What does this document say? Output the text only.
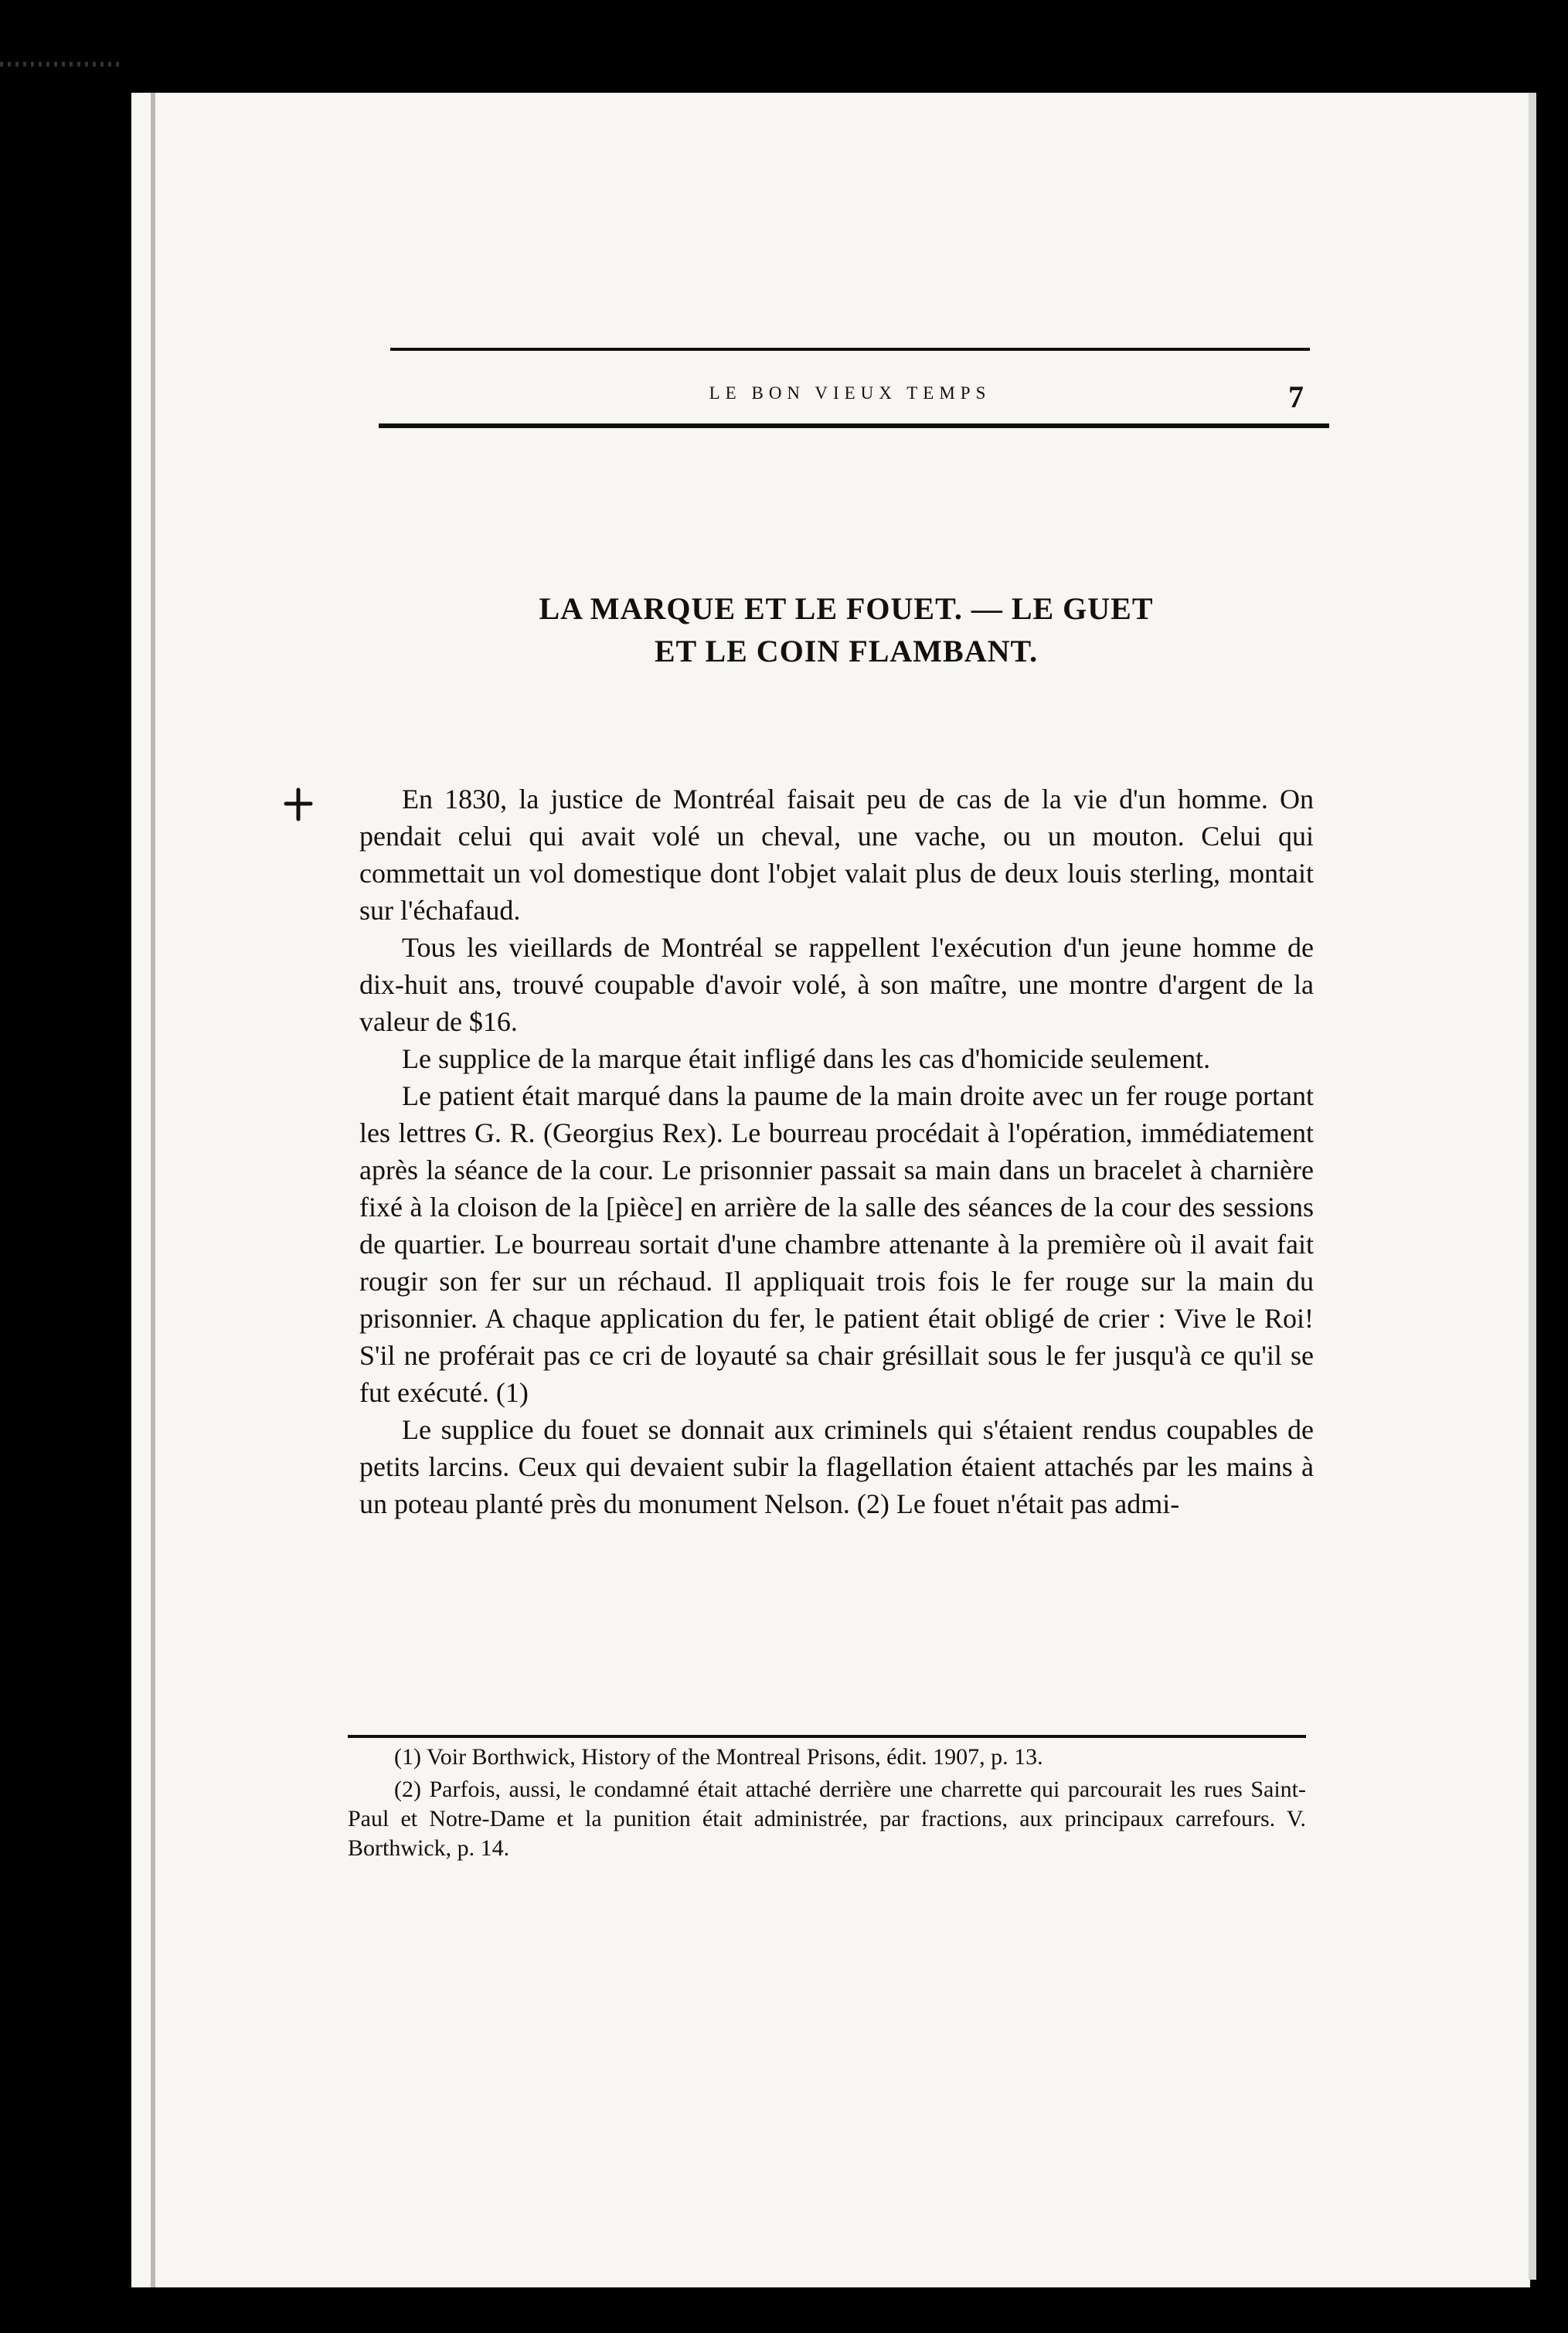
LE BON VIEUX TEMPS	7
LA MARQUE ET LE FOUET. — LE GUET
ET LE COIN FLAMBANT.

En 1830, la justice de Montréal faisait peu de cas de la vie d'un homme. On pendait celui qui avait volé un cheval, une vache, ou un mouton. Celui qui commettait un vol domestique dont l'objet valait plus de deux louis sterling, montait sur l'échafaud.

Tous les vieillards de Montréal se rappellent l'exécution d'un jeune homme de dix-huit ans, trouvé coupable d'avoir volé, à son maître, une montre d'argent de la valeur de $16.

Le supplice de la marque était infligé dans les cas d'homicide seulement.

Le patient était marqué dans la paume de la main droite avec un fer rouge portant les lettres G. R. (Georgius Rex). Le bourreau procédait à l'opération, immédiatement après la séance de la cour. Le prisonnier passait sa main dans un bracelet à charnière fixé à la cloison de la [pièce] en arrière de la salle des séances de la cour des sessions de quartier. Le bourreau sortait d'une chambre attenante à la première où il avait fait rougir son fer sur un réchaud. Il appliquait trois fois le fer rouge sur la main du prisonnier. A chaque application du fer, le patient était obligé de crier : Vive le Roi! S'il ne proférait pas ce cri de loyauté sa chair grésillait sous le fer jusqu'à ce qu'il se fut exécuté. (1)

Le supplice du fouet se donnait aux criminels qui s'étaient rendus coupables de petits larcins. Ceux qui devaient subir la flagellation étaient attachés par les mains à un poteau planté près du monument Nelson. (2) Le fouet n'était pas admi-

(1) Voir Borthwick, History of the Montreal Prisons, édit. 1907, p. 13.

(2) Parfois, aussi, le condamné était attaché derrière une charrette qui parcourait les rues Saint-Paul et Notre-Dame et la punition était administrée, par fractions, aux principaux carrefours. V. Borthwick, p. 14.
